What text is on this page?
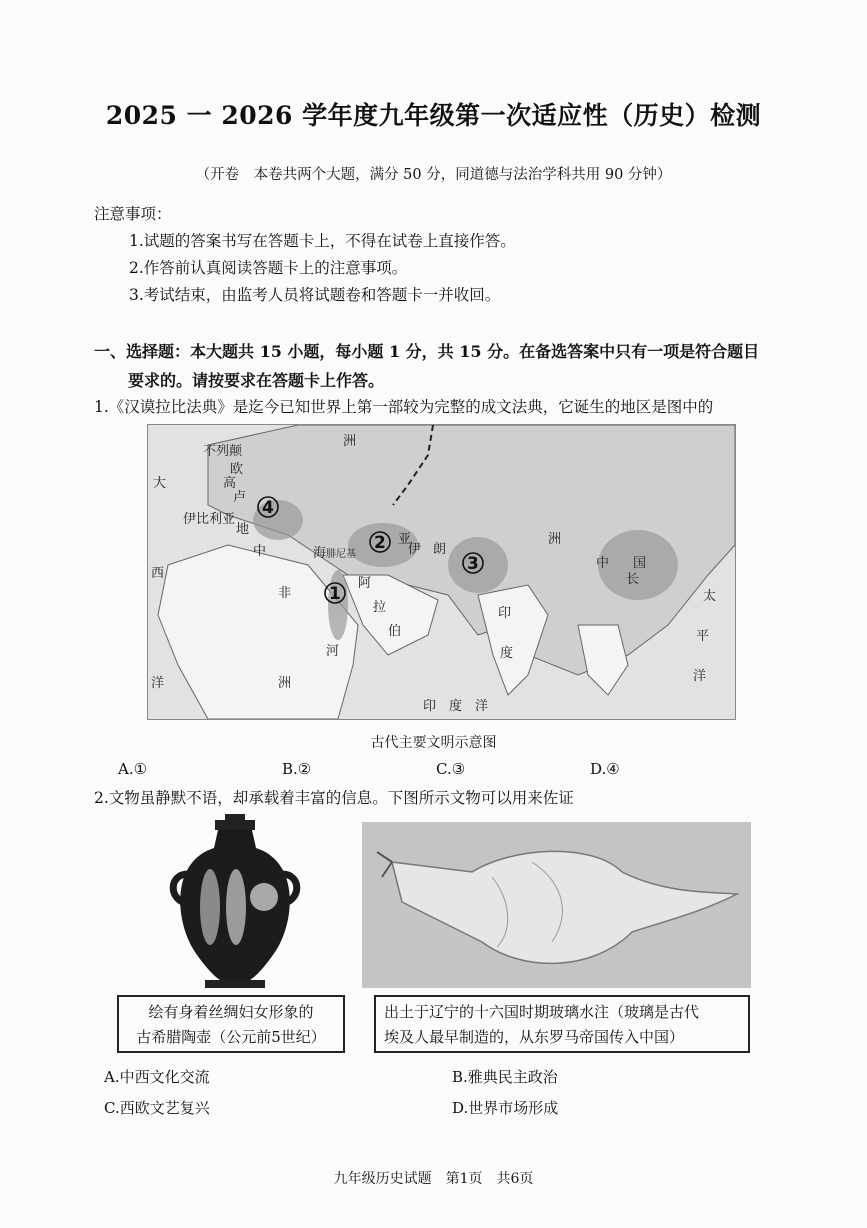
2025 一 2026 学年度九年级第一次适应性（历史）检测
（开卷　本卷共两个大题，满分 50 分，同道德与法治学科共用 90 分钟）
注意事项：
1.试题的答案书写在答题卡上，不得在试卷上直接作答。
2.作答前认真阅读答题卡上的注意事项。
3.考试结束，由监考人员将试题卷和答题卡一并收回。
一、选择题：本大题共 15 小题，每小题 1 分，共 15 分。在备选答案中只有一项是符合题目
要求的。请按要求在答题卡上作答。
1.《汉谟拉比法典》是迄今已知世界上第一部较为完整的成文法典，它诞生的地区是图中的
不列颠
欧
洲
高
卢
大
伊比利亚
地
中	海 腓尼基
亚
伊 朗
非
阿
拉
伯
河
洲
西
洋
印
度
洲
中 国
长
太
平
洋
印　度　洋
1
2
3
4
古代主要文明示意图
A.①	B.②	C.③	D.④
2.文物虽静默不语，却承载着丰富的信息。下图所示文物可以用来佐证
绘有身着丝绸妇女形象的
古希腊陶壶（公元前5世纪）
出土于辽宁的十六国时期玻璃水注（玻璃是古代
埃及人最早制造的，从东罗马帝国传入中国）
A.中西文化交流	B.雅典民主政治
C.西欧文艺复兴	D.世界市场形成
九年级历史试题　第1页　共6页
